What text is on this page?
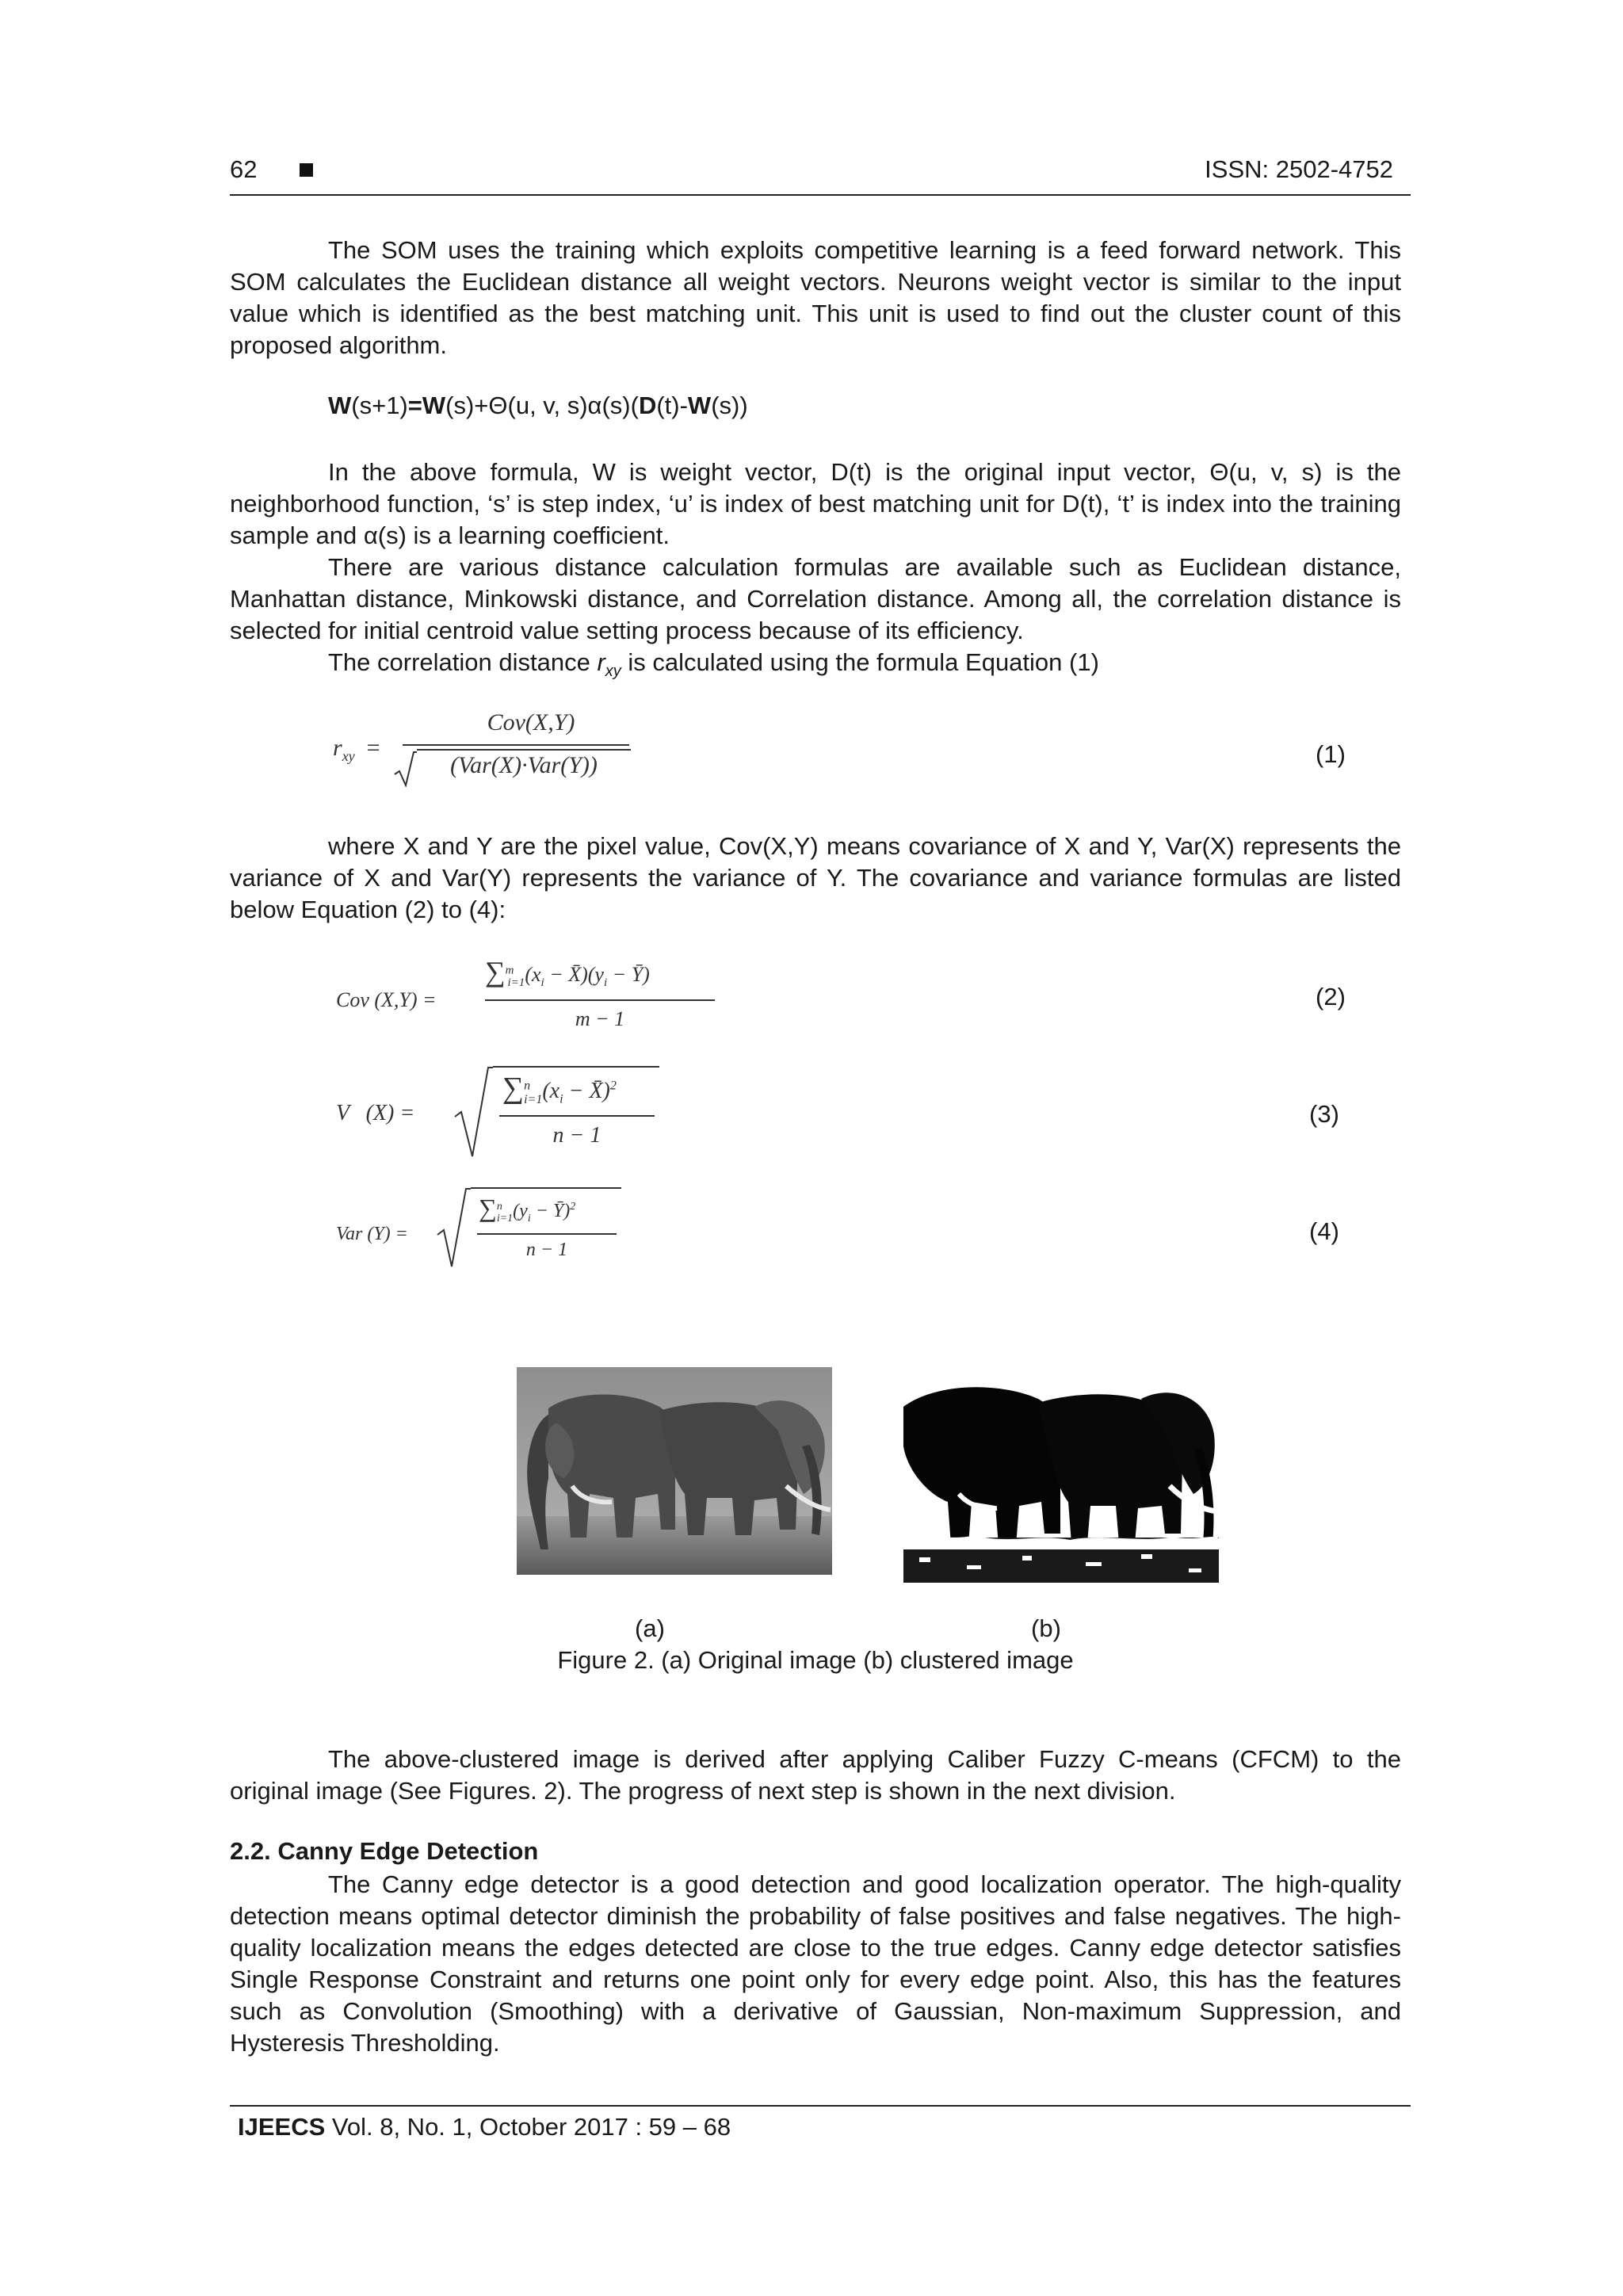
62	ISSN: 2502-4752

The SOM uses the training which exploits competitive learning is a feed forward network. This SOM calculates the Euclidean distance all weight vectors. Neurons weight vector is similar to the input value which is identified as the best matching unit. This unit is used to find out the cluster count of this proposed algorithm.

W(s+1)=W(s)+Θ(u, v, s)α(s)(D(t)-W(s))

In the above formula, W is weight vector, D(t) is the original input vector, Θ(u, v, s) is the neighborhood function, ‘s’ is step index, ‘u’ is index of best matching unit for D(t), ‘t’ is index into the training sample and α(s) is a learning coefficient.

There are various distance calculation formulas are available such as Euclidean distance, Manhattan distance, Minkowski distance, and Correlation distance. Among all, the correlation distance is selected for initial centroid value setting process because of its efficiency.

The correlation distance $r_{xy}$ is calculated using the formula Equation (1)

$r_{xy}$  =
Cov(X,Y)
(Var(X)·Var(Y))	(1)

where X and Y are the pixel value, Cov(X,Y) means covariance of X and Y, Var(X) represents the variance of X and Var(Y) represents the variance of Y. The covariance and variance formulas are listed below Equation (2) to (4):

Cov (X,Y) =
$\sum^m_{i=1}(x_i$ − $X̄)(y_i$ − Ȳ)
m − 1
(2)
V   (X) =
$\sum^n_{i=1}(x_i$ − X̄)$^2$
n − 1
(3)
Var (Y) =
$\sum^n_{i=1}(y_i$ − Ȳ)$^2$
n − 1
(4)
(a)	(b)
Figure 2. (a) Original image (b) clustered image

The above-clustered image is derived after applying Caliber Fuzzy C-means (CFCM) to the original image (See Figures. 2). The progress of next step is shown in the next division.

2.2. Canny Edge Detection

The Canny edge detector is a good detection and good localization operator. The high-quality detection means optimal detector diminish the probability of false positives and false negatives. The high-quality localization means the edges detected are close to the true edges. Canny edge detector satisfies Single Response Constraint and returns one point only for every edge point. Also, this has the features such as Convolution (Smoothing) with a derivative of Gaussian, Non-maximum Suppression, and Hysteresis Thresholding.

IJEECS Vol. 8, No. 1, October 2017 : 59 – 68
